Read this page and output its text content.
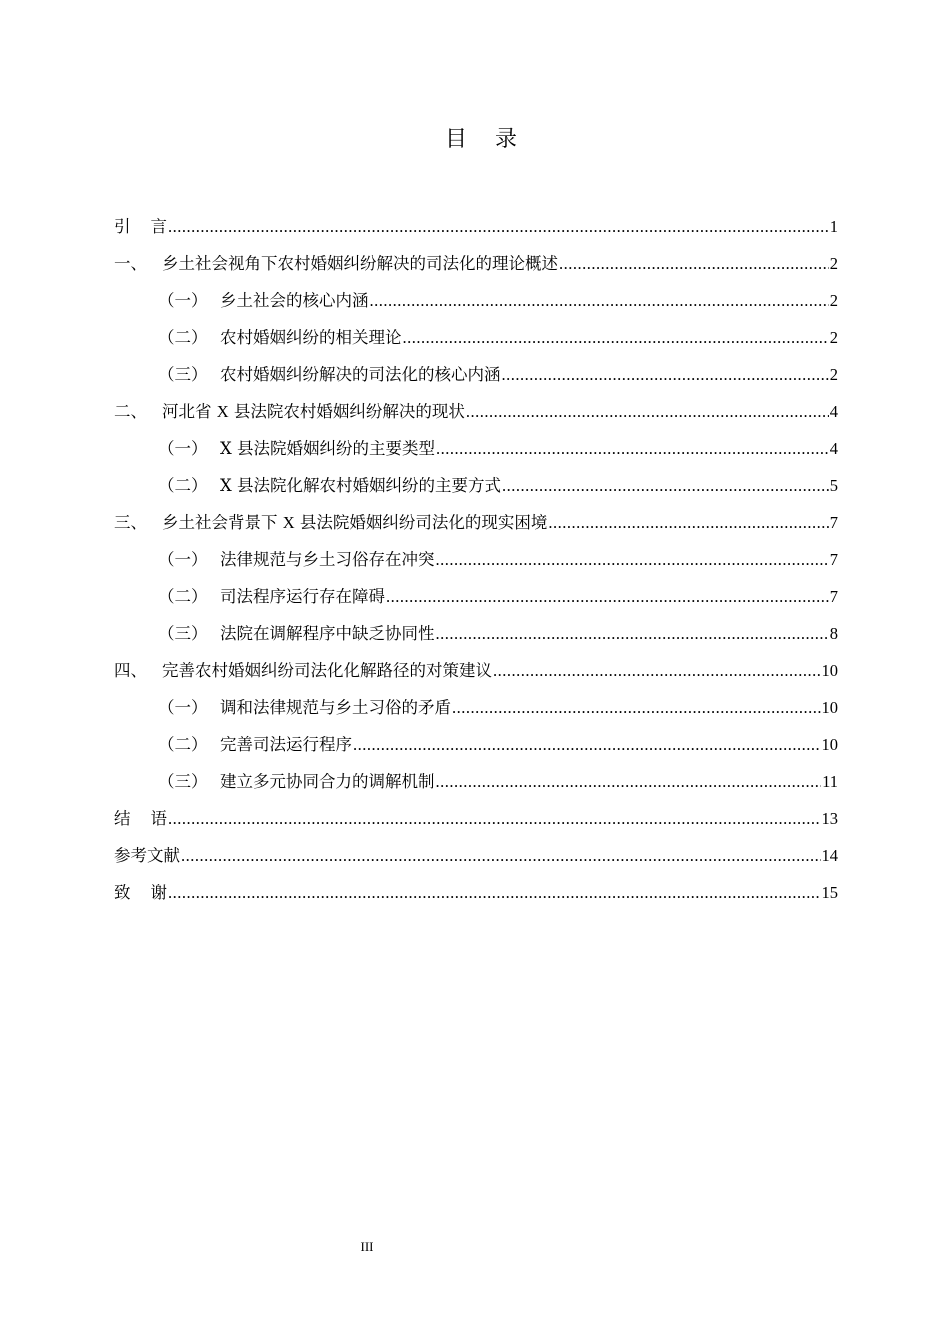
目录
引言 .....	1
一、 乡土社会视角下农村婚姻纠纷解决的司法化的理论概述 .....	2
（一） 乡土社会的核心内涵 .....	2
（二） 农村婚姻纠纷的相关理论 .....	2
（三） 农村婚姻纠纷解决的司法化的核心内涵 .....	2
二、 河北省 X 县法院农村婚姻纠纷解决的现状 .....	4
（一） X 县法院婚姻纠纷的主要类型 .....	4
（二） X 县法院化解农村婚姻纠纷的主要方式 .....	5
三、 乡土社会背景下 X 县法院婚姻纠纷司法化的现实困境 .....	7
（一） 法律规范与乡土习俗存在冲突 .....	7
（二） 司法程序运行存在障碍 .....	7
（三） 法院在调解程序中缺乏协同性 .....	8
四、 完善农村婚姻纠纷司法化化解路径的对策建议 .....	10
（一） 调和法律规范与乡土习俗的矛盾 .....	10
（二） 完善司法运行程序 .....	10
（三） 建立多元协同合力的调解机制 .....	11
结语 .....	13
参考文献 .....	14
致谢 .....	15
III
